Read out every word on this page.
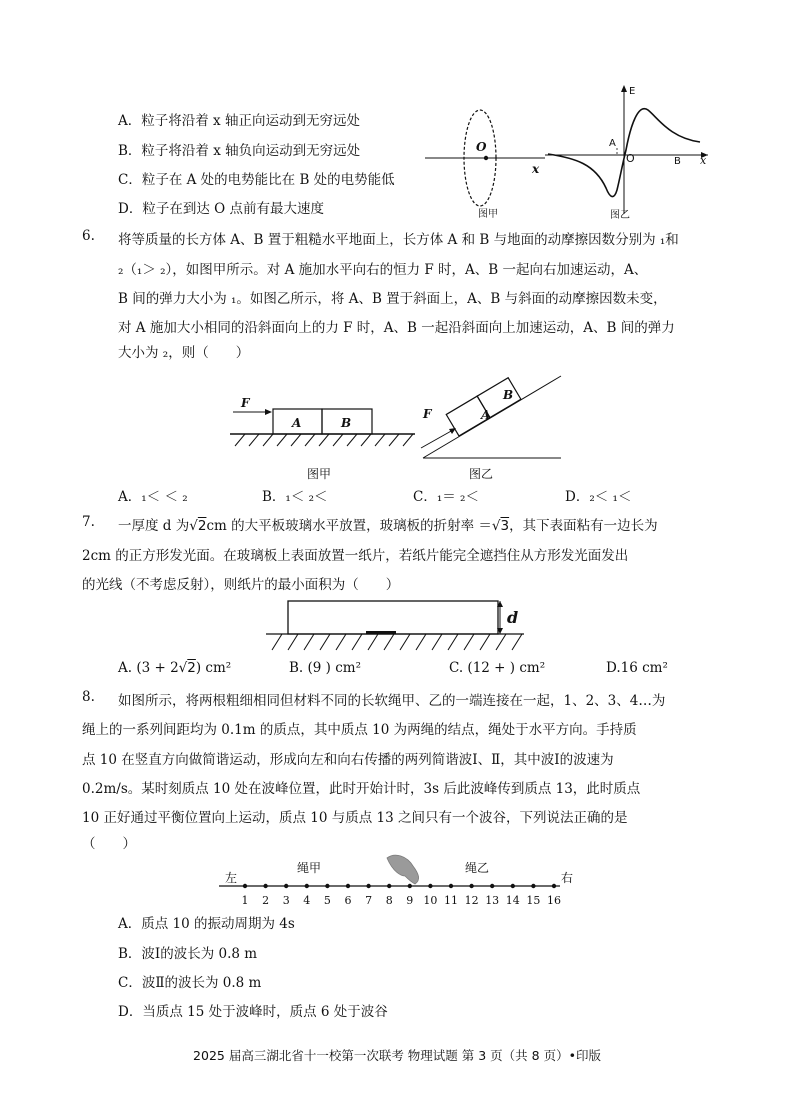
A．粒子将沿着 x 轴正向运动到无穷远处
B．粒子将沿着 x 轴负向运动到无穷远处
C．粒子在 A 处的电势能比在 B 处的电势能低
D．粒子在到达 O 点前有最大速度
O
x
图甲
E
A
O	B x
图乙
6. 将等质量的长方体 A、B 置于粗糙水平地面上，长方体 A 和 B 与地面的动摩擦因数分别为 ₁和
₂（₁＞ ₂），如图甲所示。对 A 施加水平向右的恒力 F 时，A、B 一起向右加速运动，A、
B 间的弹力大小为 ₁。如图乙所示，将 A、B 置于斜面上，A、B 与斜面的动摩擦因数未变，
对 A 施加大小相同的沿斜面向上的力 F 时，A、B 一起沿斜面向上加速运动，A、B 间的弹力
大小为 ₂，则（　　）
F
A	B
图甲
F	A
B
图乙
A．₁＜ ＜ ₂	B．₁＜ ₂＜	C．₁＝ ₂＜	D．₂＜ ₁＜
7. 一厚度 d 为√2cm 的大平板玻璃水平放置，玻璃板的折射率 ＝√3，其下表面粘有一边长为
2cm 的正方形发光面。在玻璃板上表面放置一纸片，若纸片能完全遮挡住从方形发光面发出
的光线（不考虑反射），则纸片的最小面积为（　　）
d
A. (3 + 2√2) cm²	B. (9 ) cm²	C. (12 + ) cm²	D.16 cm²
8. 如图所示，将两根粗细相同但材料不同的长软绳甲、乙的一端连接在一起，1、2、3、4…为
绳上的一系列间距均为 0.1m 的质点，其中质点 10 为两绳的结点，绳处于水平方向。手持质
点 10 在竖直方向做简谐运动，形成向左和向右传播的两列简谐波Ⅰ、Ⅱ，其中波Ⅰ的波速为
0.2m/s。某时刻质点 10 处在波峰位置，此时开始计时，3s 后此波峰传到质点 13，此时质点
10 正好通过平衡位置向上运动，质点 10 与质点 13 之间只有一个波谷，下列说法正确的是
（　　）
左	右
绳甲	绳乙
1 2 3 4 5 6 7 8 9 10 11 12 13 14 15 16
A．质点 10 的振动周期为 4s
B．波Ⅰ的波长为 0.8 m
C．波Ⅱ的波长为 0.8 m
D．当质点 15 处于波峰时，质点 6 处于波谷
2025 届高三湖北省十一校第一次联考 物理试题 第 3 页（共 8 页）•印版
